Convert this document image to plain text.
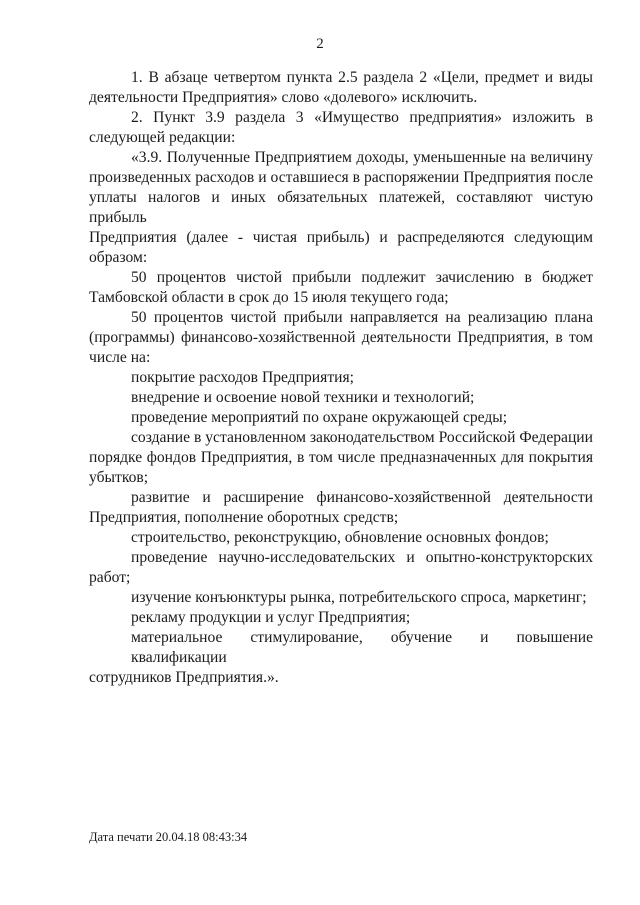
2
1. В абзаце четвертом пункта 2.5 раздела 2 «Цели, предмет и виды
деятельности Предприятия» слово «долевого» исключить.
2. Пункт 3.9 раздела 3 «Имущество предприятия» изложить в
следующей редакции:
«3.9. Полученные Предприятием доходы, уменьшенные на величину
произведенных расходов и оставшиеся в распоряжении Предприятия после
уплаты налогов и иных обязательных платежей, составляют чистую прибыль
Предприятия (далее - чистая прибыль) и распределяются следующим
образом:
50 процентов чистой прибыли подлежит зачислению в бюджет
Тамбовской области в срок до 15 июля текущего года;
50 процентов чистой прибыли направляется на реализацию плана
(программы) финансово-хозяйственной деятельности Предприятия, в том
числе на:
покрытие расходов Предприятия;
внедрение и освоение новой техники и технологий;
проведение мероприятий по охране окружающей среды;
создание в установленном законодательством Российской Федерации
порядке фондов Предприятия, в том числе предназначенных для покрытия
убытков;
развитие и расширение финансово-хозяйственной деятельности
Предприятия, пополнение оборотных средств;
строительство, реконструкцию, обновление основных фондов;
проведение научно-исследовательских и опытно-конструкторских
работ;
изучение конъюнктуры рынка, потребительского спроса, маркетинг;
рекламу продукции и услуг Предприятия;
материальное стимулирование, обучение и повышение квалификации
сотрудников Предприятия.».
Дата печати 20.04.18 08:43:34
